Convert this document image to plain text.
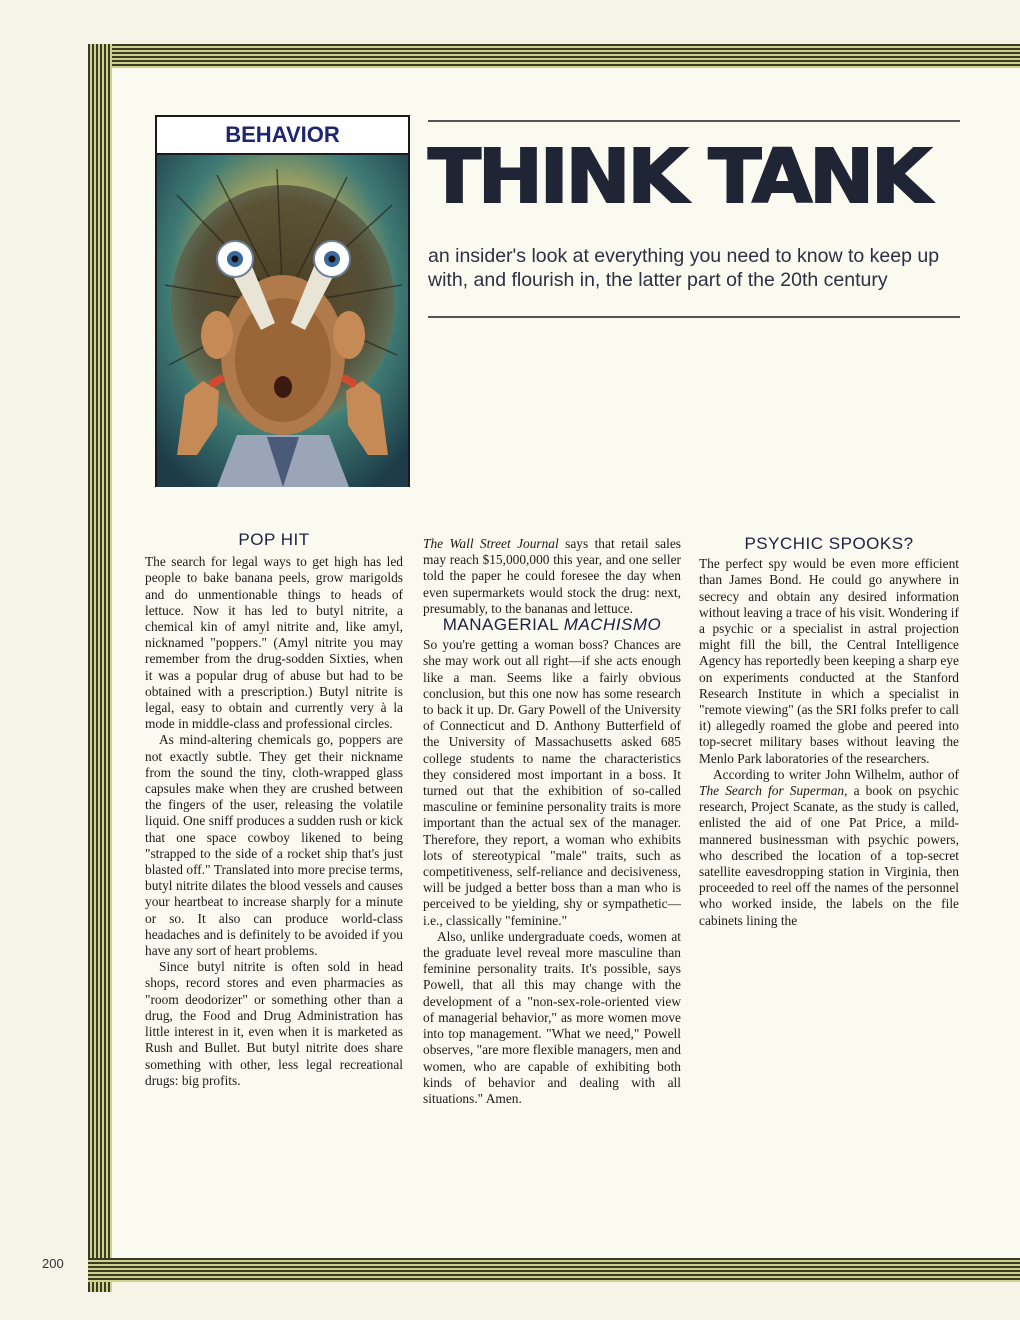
BEHAVIOR	THINK TANK
an insider's look at everything you need to know to keep up with, and flourish in, the latter part of the 20th century
POP HIT

The search for legal ways to get high has led people to bake banana peels, grow marigolds and do unmentionable things to heads of lettuce. Now it has led to butyl nitrite, a chemical kin of amyl nitrite and, like amyl, nicknamed "poppers." (Amyl nitrite you may remember from the drug-sodden Sixties, when it was a popular drug of abuse but had to be obtained with a prescription.) Butyl nitrite is legal, easy to obtain and currently very à la mode in middle-class and professional circles.

As mind-altering chemicals go, poppers are not exactly subtle. They get their nickname from the sound the tiny, cloth-wrapped glass capsules make when they are crushed between the fingers of the user, releasing the volatile liquid. One sniff produces a sudden rush or kick that one space cowboy likened to being "strapped to the side of a rocket ship that's just blasted off." Translated into more precise terms, butyl nitrite dilates the blood vessels and causes your heartbeat to increase sharply for a minute or so. It also can produce world-class headaches and is definitely to be avoided if you have any sort of heart problems.

Since butyl nitrite is often sold in head shops, record stores and even pharmacies as "room deodorizer" or something other than a drug, the Food and Drug Administration has little interest in it, even when it is marketed as Rush and Bullet. But butyl nitrite does share something with other, less legal recreational drugs: big profits.

The Wall Street Journal says that retail sales may reach $15,000,000 this year, and one seller told the paper he could foresee the day when even supermarkets would stock the drug: next, presumably, to the bananas and lettuce.

MANAGERIAL MACHISMO

So you're getting a woman boss? Chances are she may work out all right—if she acts enough like a man. Seems like a fairly obvious conclusion, but this one now has some research to back it up. Dr. Gary Powell of the University of Connecticut and D. Anthony Butterfield of the University of Massachusetts asked 685 college students to name the characteristics they considered most important in a boss. It turned out that the exhibition of so-called masculine or feminine personality traits is more important than the actual sex of the manager. Therefore, they report, a woman who exhibits lots of stereotypical "male" traits, such as competitiveness, self-reliance and decisiveness, will be judged a better boss than a man who is perceived to be yielding, shy or sympathetic—i.e., classically "feminine."

Also, unlike undergraduate coeds, women at the graduate level reveal more masculine than feminine personality traits. It's possible, says Powell, that all this may change with the development of a "non-sex-role-oriented view of managerial behavior," as more women move into top management. "What we need," Powell observes, "are more flexible managers, men and women, who are capable of exhibiting both kinds of behavior and dealing with all situations." Amen.

PSYCHIC SPOOKS?

The perfect spy would be even more efficient than James Bond. He could go anywhere in secrecy and obtain any desired information without leaving a trace of his visit. Wondering if a psychic or a specialist in astral projection might fill the bill, the Central Intelligence Agency has reportedly been keeping a sharp eye on experiments conducted at the Stanford Research Institute in which a specialist in "remote viewing" (as the SRI folks prefer to call it) allegedly roamed the globe and peered into top-secret military bases without leaving the Menlo Park laboratories of the researchers.

According to writer John Wilhelm, author of The Search for Superman, a book on psychic research, Project Scanate, as the study is called, enlisted the aid of one Pat Price, a mild-mannered businessman with psychic powers, who described the location of a top-secret satellite eavesdropping station in Virginia, then proceeded to reel off the names of the personnel who worked inside, the labels on the file cabinets lining the

200
